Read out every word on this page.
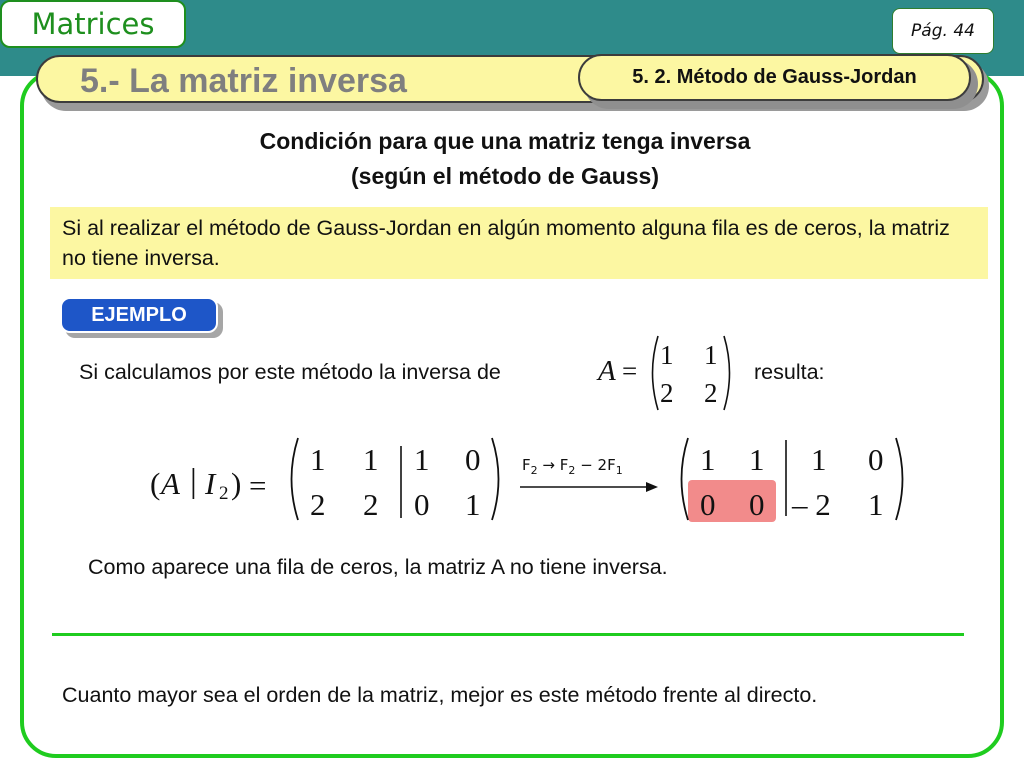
Matrices	Pág. 44
5.- La matriz inversa	5. 2. Método de Gauss-Jordan
Condición para que una matriz tenga inversa
(según el método de Gauss)
Si al realizar el método de Gauss-Jordan en algún momento alguna fila es de ceros, la matriz no tiene inversa.
EJEMPLO
Si calculamos por este método la inversa de	A =
1 1
2 2
resulta:
( A | I 2 ) =
1 1 1 0
2 2 0 1
$F_2 \to F_2 - 2F_1$ 1 1 1 0
0 0 – 2 1
Como aparece una fila de ceros, la matriz A no tiene inversa.
Cuanto mayor sea el orden de la matriz, mejor es este método frente al directo.
